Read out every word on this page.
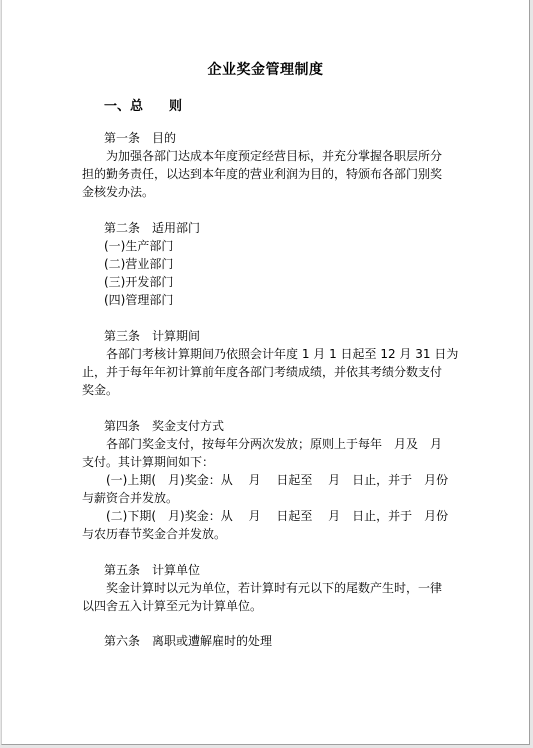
企业奖金管理制度
一、总　　则
第一条　目的
　　为加强各部门达成本年度预定经营目标，并充分掌握各职层所分
担的勤务责任，以达到本年度的营业利润为目的，特颁布各部门别奖
金核发办法。
第二条　适用部门
(一)生产部门
(二)营业部门
(三)开发部门
(四)管理部门
第三条　计算期间
　　各部门考核计算期间乃依照会计年度 1 月 1 日起至 12 月 31 日为
止，并于每年年初计算前年度各部门考绩成绩，并依其考绩分数支付
奖金。
第四条　奖金支付方式
　　各部门奖金支付，按每年分两次发放；原则上于每年　月及　月
支付。其计算期间如下：
　　(一)上期(　月)奖金：从　 月　 日起至　 月　日止，并于　月份
与薪资合并发放。
　　(二)下期(　月)奖金：从　 月　 日起至　 月　日止，并于　月份
与农历春节奖金合并发放。
第五条　计算单位
　　奖金计算时以元为单位，若计算时有元以下的尾数产生时，一律
以四舍五入计算至元为计算单位。
第六条　离职或遭解雇时的处理
